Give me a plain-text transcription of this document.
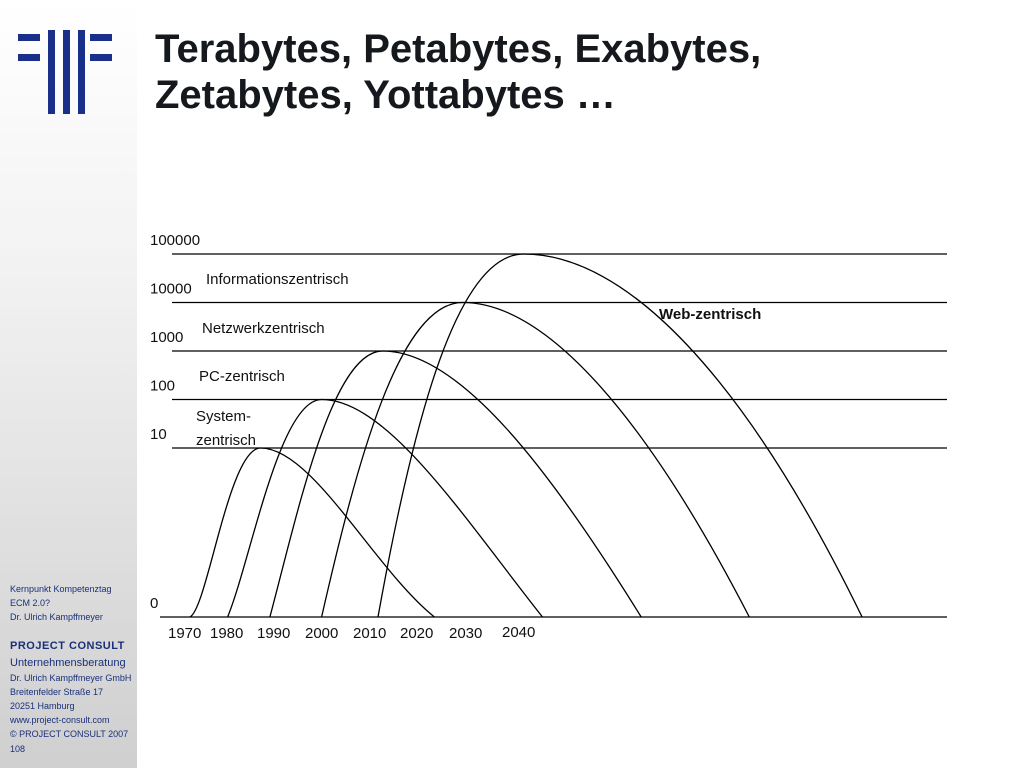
Kernpunkt Kompetenztag
ECM 2.0?
Dr. Ulrich Kampffmeyer
PROJECT CONSULT
Unternehmensberatung
Dr. Ulrich Kampffmeyer GmbH
Breitenfelder Straße 17
20251 Hamburg
www.project-consult.com
© PROJECT CONSULT 2007
108
Terabytes, Petabytes, Exabytes,
Zetabytes, Yottabytes …
0
10
100
1000
10000
100000
1970 1980 1990 2000 2010 2020 2030 2040
System-
zentrisch
PC-zentrisch
Netzwerkzentrisch
Informationszentrisch
Web-zentrisch
